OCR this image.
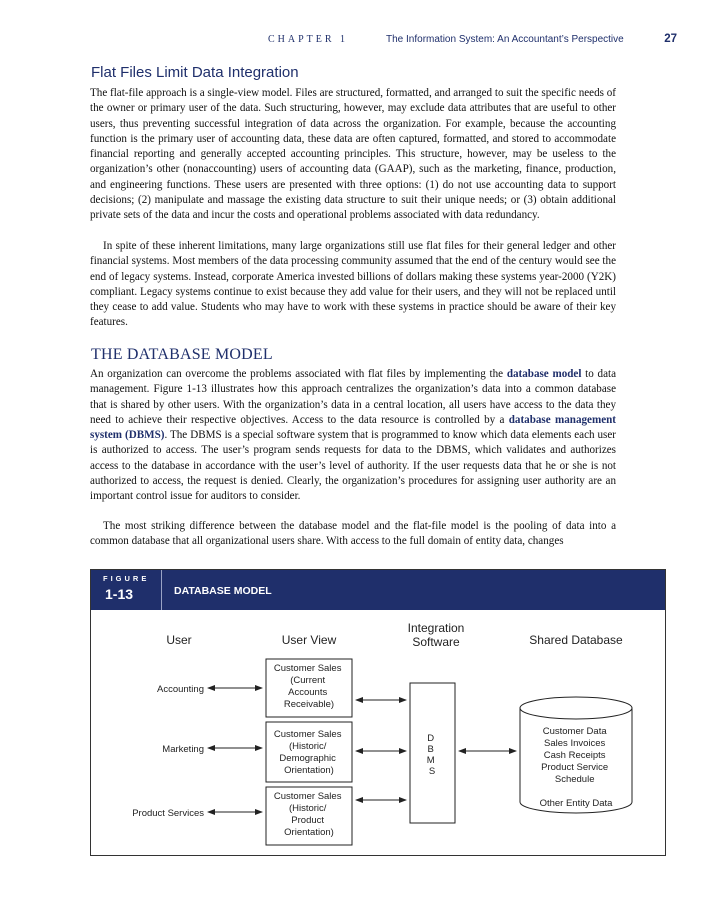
CHAPTER 1	The Information System: An Accountant’s Perspective	27
Flat Files Limit Data Integration

The flat-file approach is a single-view model. Files are structured, formatted, and arranged to suit the specific needs of the owner or primary user of the data. Such structuring, however, may exclude data attributes that are useful to other users, thus preventing successful integration of data across the organization. For example, because the accounting function is the primary user of accounting data, these data are often captured, formatted, and stored to accommodate financial reporting and generally accepted accounting principles. This structure, however, may be useless to the organization’s other (nonaccounting) users of accounting data (GAAP), such as the marketing, finance, production, and engineering functions. These users are presented with three options: (1) do not use accounting data to support decisions; (2) manipulate and massage the existing data structure to suit their unique needs; or (3) obtain additional private sets of the data and incur the costs and operational problems associated with data redundancy.

In spite of these inherent limitations, many large organizations still use flat files for their general ledger and other financial systems. Most members of the data processing community assumed that the end of the century would see the end of legacy systems. Instead, corporate America invested billions of dollars making these systems year-2000 (Y2K) compliant. Legacy systems continue to exist because they add value for their users, and they will not be replaced until they cease to add value. Students who may have to work with these systems in practice should be aware of their key features.

THE DATABASE MODEL

An organization can overcome the problems associated with flat files by implementing the database model to data management. Figure 1-13 illustrates how this approach centralizes the organization’s data into a common database that is shared by other users. With the organization’s data in a central location, all users have access to the data they need to achieve their respective objectives. Access to the data resource is controlled by a database management system (DBMS). The DBMS is a special software system that is programmed to know which data elements each user is authorized to access. The user’s program sends requests for data to the DBMS, which validates and authorizes access to the database in accordance with the user’s level of authority. If the user requests data that he or she is not authorized to access, the request is denied. Clearly, the organization’s procedures for assigning user authority are an important control issue for auditors to consider.

The most striking difference between the database model and the flat-file model is the pooling of data into a common database that all organizational users share. With access to the full domain of entity data, changes

FIGURE
1-13	DATABASE MODEL
User	User View
Integration
Software	Shared Database
Accounting
Marketing
Product Services
Customer Sales (Current Accounts Receivable)
Customer Sales (Historic/ Demographic Orientation)
Customer Sales (Historic/ Product Orientation)
D B M S
Customer Data Sales Invoices Cash Receipts Product Service Schedule Other Entity Data
